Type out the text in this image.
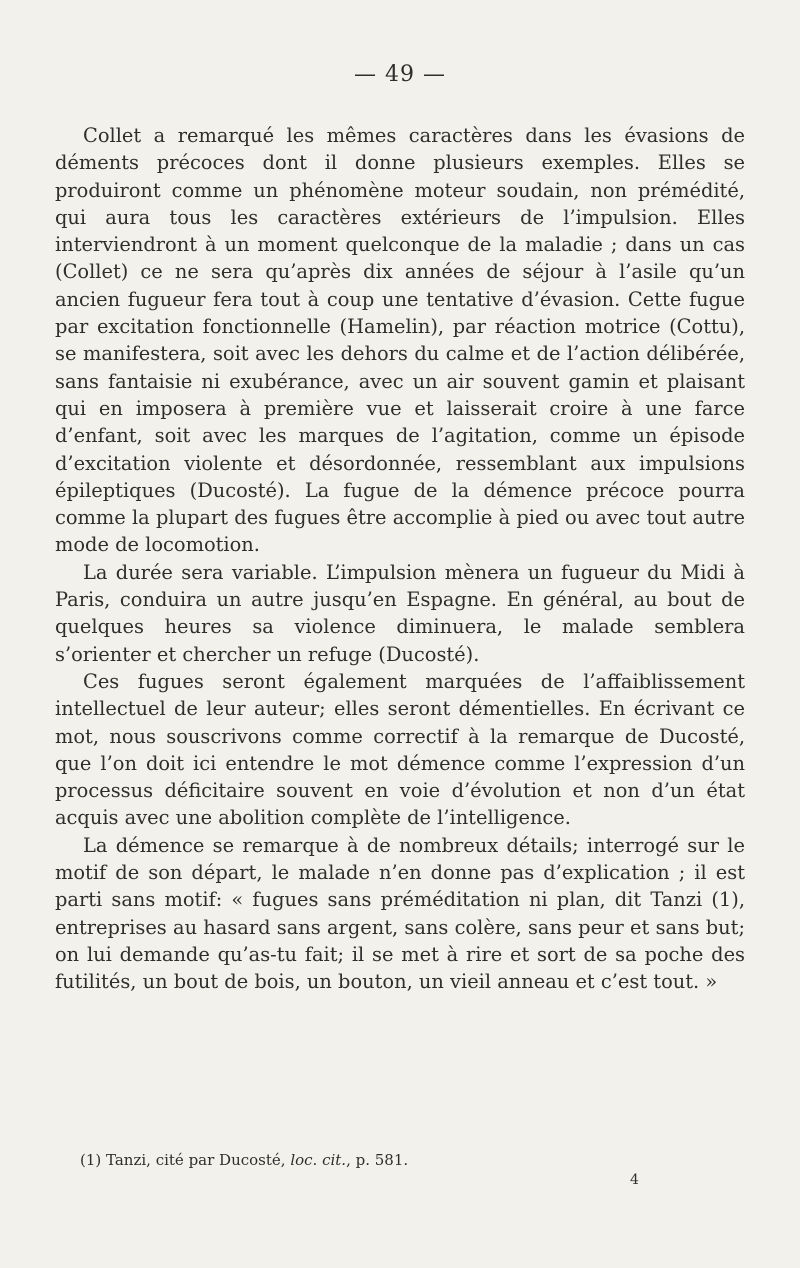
— 49 —

Collet a remarqué les mêmes caractères dans les évasions de déments précoces dont il donne plusieurs exemples. Elles se produiront comme un phénomène moteur soudain, non prémédité, qui aura tous les caractères extérieurs de l’impulsion. Elles interviendront à un moment quelconque de la maladie ; dans un cas (Collet) ce ne sera qu’après dix années de séjour à l’asile qu’un ancien fugueur fera tout à coup une tentative d’évasion. Cette fugue par excitation fonctionnelle (Hamelin), par réaction motrice (Cottu), se manifestera, soit avec les dehors du calme et de l’action délibérée, sans fantaisie ni exubérance, avec un air souvent gamin et plaisant qui en imposera à première vue et laisserait croire à une farce d’enfant, soit avec les marques de l’agitation, comme un épisode d’excitation violente et désordonnée, ressemblant aux impulsions épileptiques (Ducosté). La fugue de la démence précoce pourra comme la plupart des fugues être accomplie à pied ou avec tout autre mode de locomotion.

La durée sera variable. L’impulsion mènera un fugueur du Midi à Paris, conduira un autre jusqu’en Espagne. En général, au bout de quelques heures sa violence diminuera, le malade semblera s’orienter et chercher un refuge (Ducosté).

Ces fugues seront également marquées de l’affaiblissement intellectuel de leur auteur; elles seront démentielles. En écrivant ce mot, nous souscrivons comme correctif à la remarque de Ducosté, que l’on doit ici entendre le mot démence comme l’expression d’un processus déficitaire souvent en voie d’évolution et non d’un état acquis avec une abolition complète de l’intelligence.

La démence se remarque à de nombreux détails; interrogé sur le motif de son départ, le malade n’en donne pas d’explication ; il est parti sans motif: « fugues sans préméditation ni plan, dit Tanzi (1), entreprises au hasard sans argent, sans colère, sans peur et sans but; on lui demande qu’as-tu fait; il se met à rire et sort de sa poche des futilités, un bout de bois, un bouton, un vieil anneau et c’est tout. »

(1) Tanzi, cité par Ducosté, loc. cit., p. 581.
4
